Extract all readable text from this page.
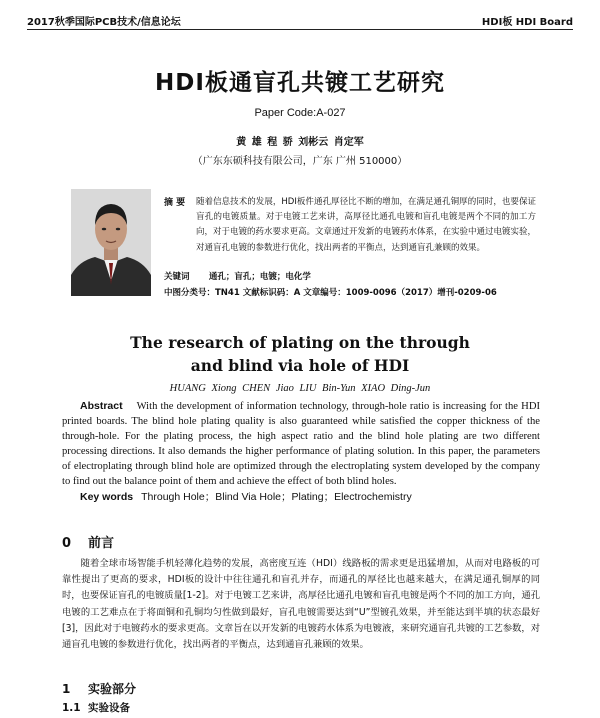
2017秋季国际PCB技术/信息论坛	HDI板 HDI Board
HDI板通盲孔共镀工艺研究
Paper Code:A-027
黄 雄 程 骄 刘彬云 肖定军
（广东东硕科技有限公司，广东 广州 510000）
摘 要 随着信息技术的发展，HDI板件通孔厚径比不断的增加，在满足通孔铜厚的同时，也要保证盲孔的电镀质量。对于电镀工艺来讲，高厚径比通孔电镀和盲孔电镀是两个不同的加工方向，对于电镀的药水要求更高。文章通过开发新的电镀药水体系，在实验中通过电镀实验，对通盲孔电镀的参数进行优化，找出两者的平衡点，达到通盲孔兼顾的效果。
关键词 通孔；盲孔；电镀；电化学
中图分类号：TN41 文献标识码：A 文章编号：1009-0096（2017）增刊-0209-06
The research of plating on the through
and blind via hole of HDI
HUANG Xiong CHEN Jiao LIU Bin-Yun XIAO Ding-Jun
Abstract With the development of information technology, through-hole ratio is increasing for the HDI printed boards. The blind hole plating quality is also guaranteed while satisfied the copper thickness of the through-hole. For the plating process, the high aspect ratio and the blind hole plating are two different processing directions. It also demands the higher performance of plating solution. In this paper, the parameters of electroplating through blind hole are optimized through the electroplating system developed by the company to find out the balance point of them and achieve the effect of both blind holes.
Key words Through Hole；Blind Via Hole；Plating；Electrochemistry
0 前言
随着全球市场智能手机轻薄化趋势的发展，高密度互连（HDI）线路板的需求更是迅猛增加，从而对电路板的可靠性提出了更高的要求，HDI板的设计中往往通孔和盲孔并存，而通孔的厚径比也越来越大，在满足通孔铜厚的同时，也要保证盲孔的电镀质量[1-2]。对于电镀工艺来讲，高厚径比通孔电镀和盲孔电镀是两个不同的加工方向，通孔电镀的工艺难点在于将面铜和孔铜均匀性做到最好，盲孔电镀需要达到“U”型镀孔效果，并至能达到半填的状态最好[3]，因此对于电镀药水的要求更高。文章旨在以开发新的电镀药水体系为电镀液，来研究通盲孔共镀的工艺参数，对通盲孔电镀的参数进行优化，找出两者的平衡点，达到通盲孔兼顾的效果。
1 实验部分
1.1 实验设备
